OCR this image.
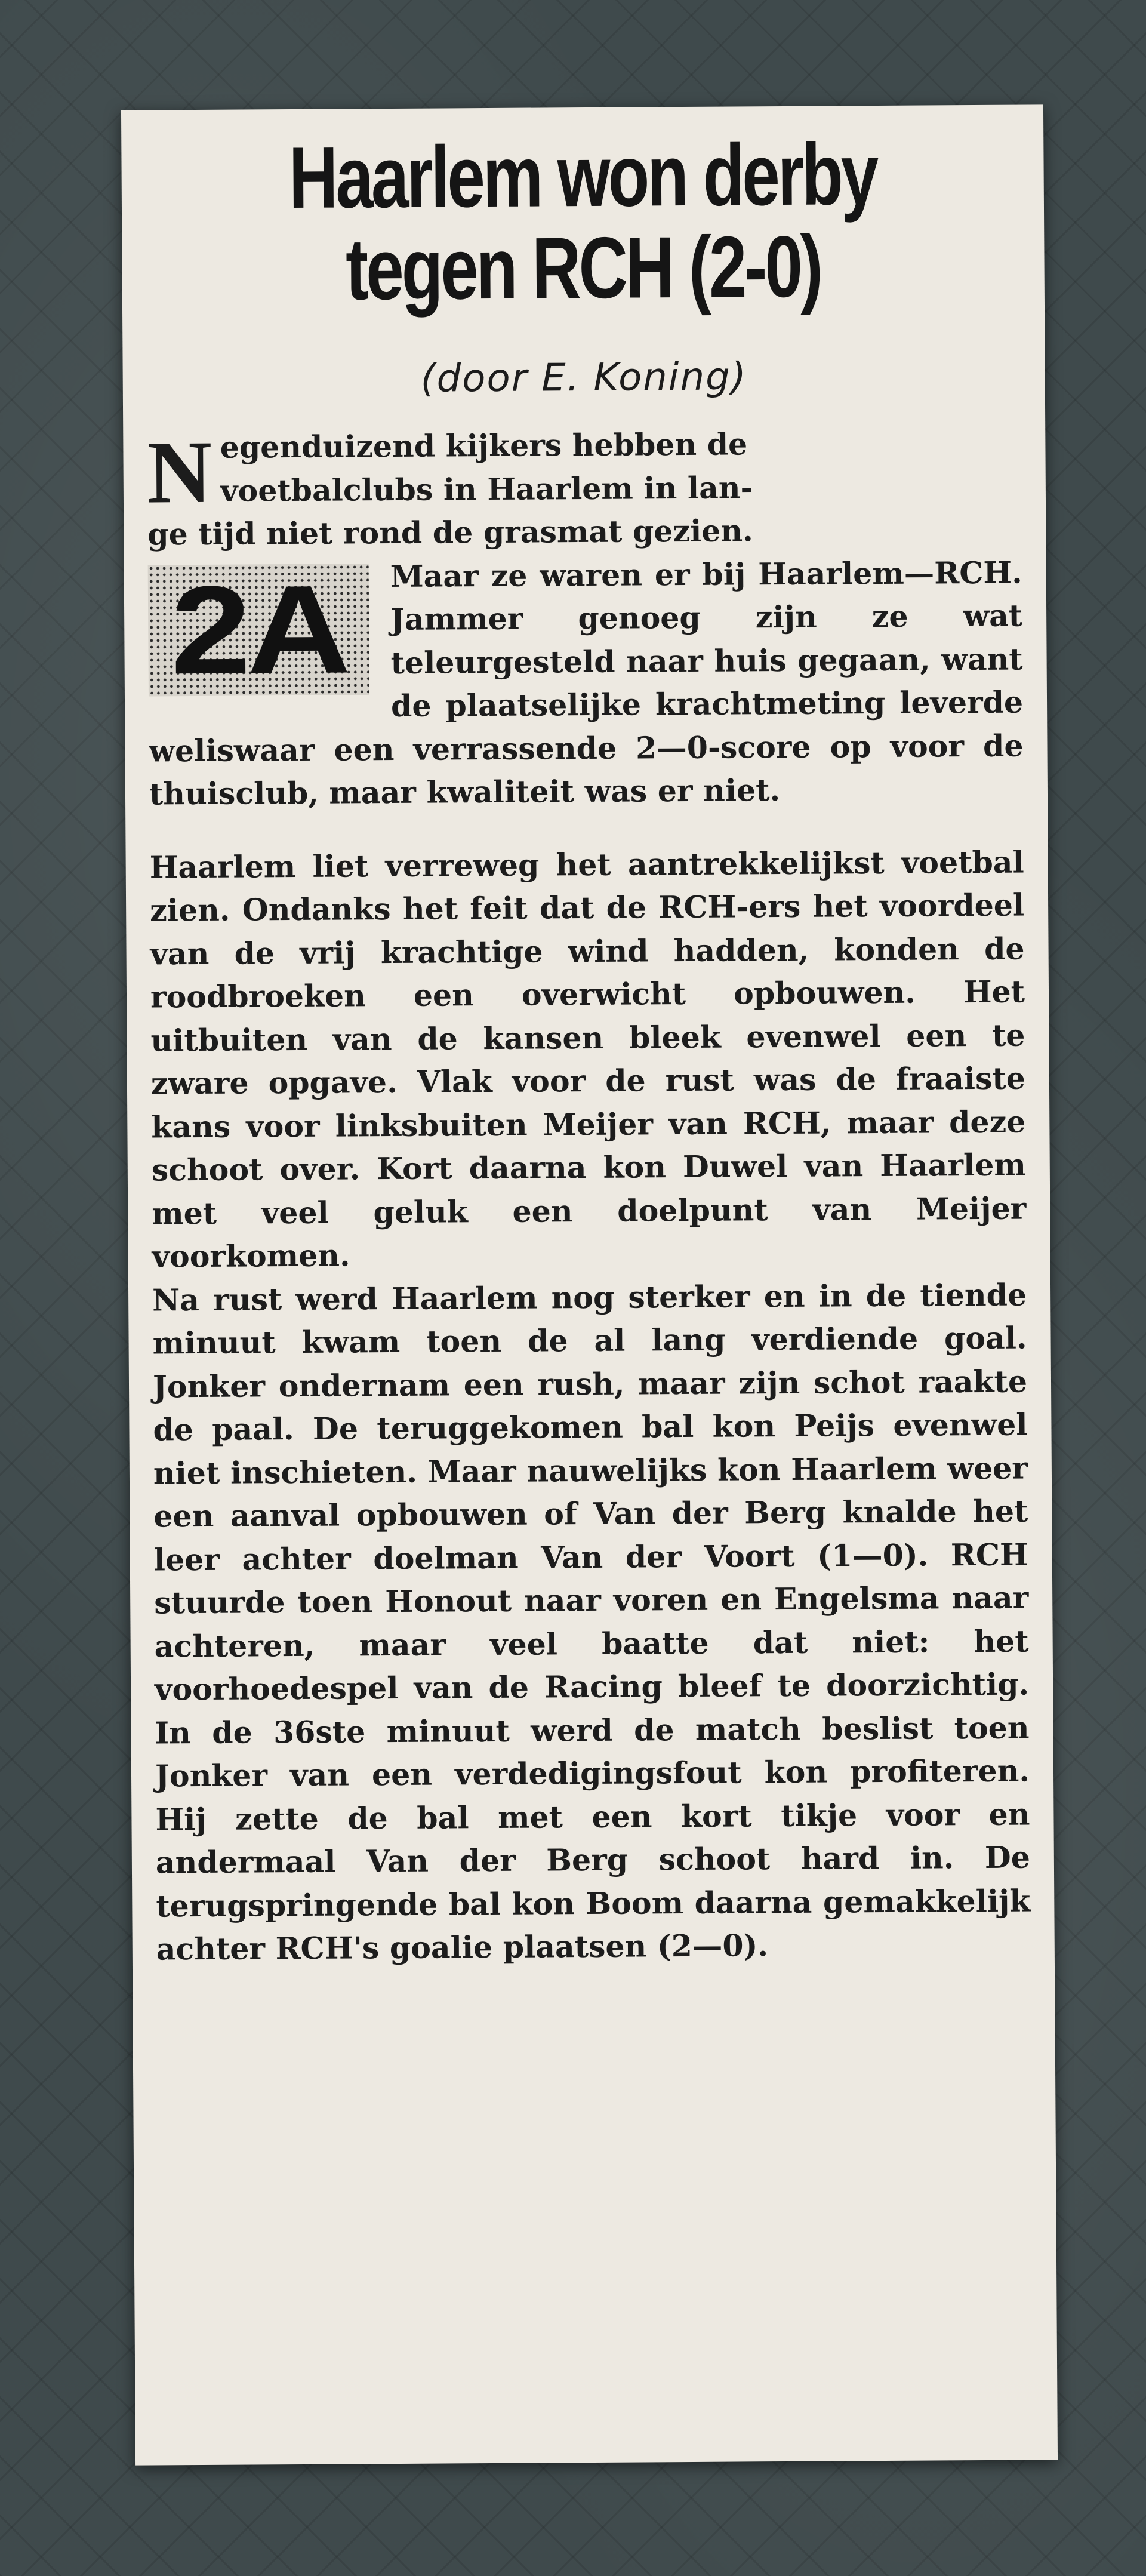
Haarlem won derby
tegen RCH (2-0)
(door E. Koning)
N egenduizend kijkers hebben de
voetbalclubs in Haarlem in lan-
ge tijd niet rond de grasmat gezien.
2A Maar ze waren er bij Haarlem—RCH. Jammer genoeg zijn ze wat teleurgesteld naar huis gegaan, want de plaatselijke krachtmeting leverde weliswaar een verrassende 2—0-score op voor de thuisclub, maar kwaliteit was er niet.

Haarlem liet verreweg het aantrekkelijkst voetbal zien. Ondanks het feit dat de RCH-ers het voordeel van de vrij krachtige wind hadden, konden de roodbroeken een overwicht opbouwen. Het uitbuiten van de kansen bleek evenwel een te zware opgave. Vlak voor de rust was de fraaiste kans voor linksbuiten Meijer van RCH, maar deze schoot over. Kort daarna kon Duwel van Haarlem met veel geluk een doelpunt van Meijer voorkomen.

Na rust werd Haarlem nog sterker en in de tiende minuut kwam toen de al lang verdiende goal. Jonker ondernam een rush, maar zijn schot raakte de paal. De teruggekomen bal kon Peijs evenwel niet inschieten. Maar nauwelijks kon Haarlem weer een aanval opbouwen of Van der Berg knalde het leer achter doelman Van der Voort (1—0). RCH stuurde toen Honout naar voren en Engelsma naar achteren, maar veel baatte dat niet: het voorhoedespel van de Racing bleef te doorzichtig. In de 36ste minuut werd de match beslist toen Jonker van een verdedigingsfout kon profiteren. Hij zette de bal met een kort tikje voor en andermaal Van der Berg schoot hard in. De terugspringende bal kon Boom daarna gemakkelijk achter RCH's goalie plaatsen (2—0).
